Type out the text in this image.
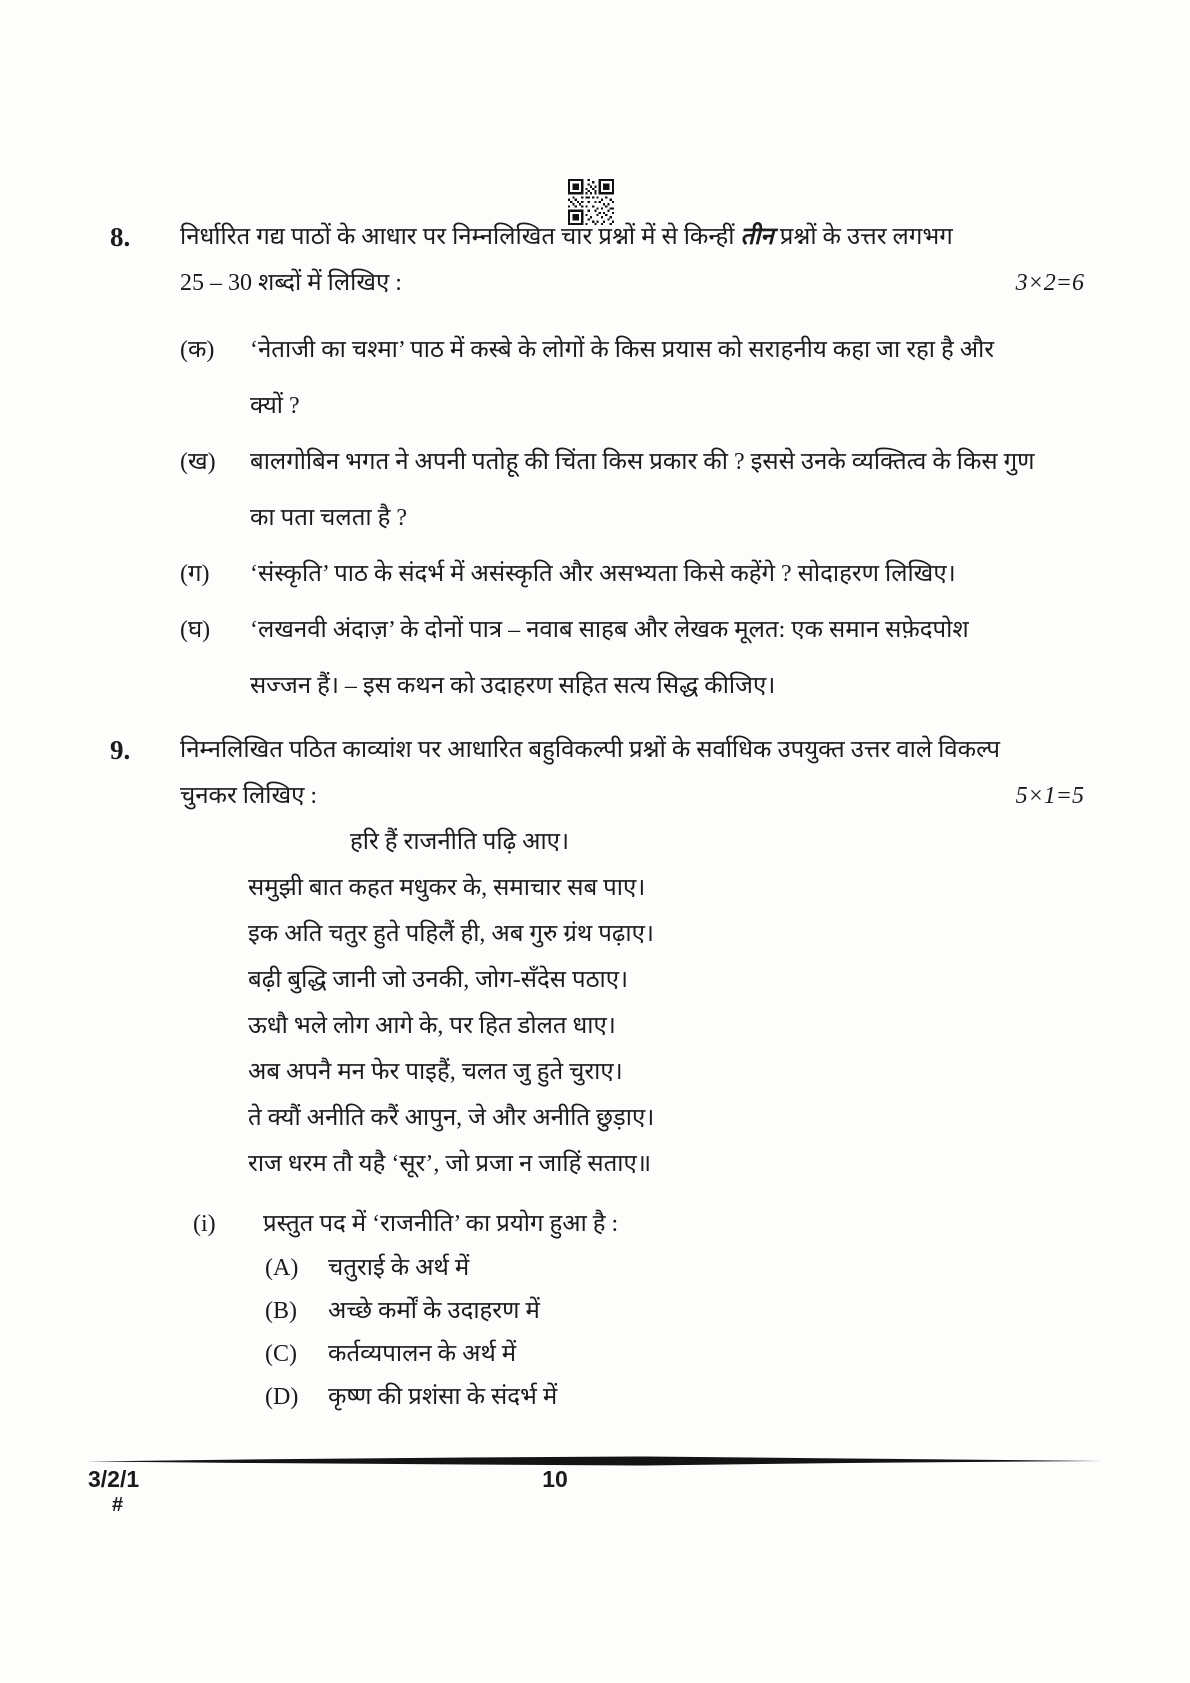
8.	निर्धारित गद्य पाठों के आधार पर निम्नलिखित चार प्रश्नों में से किन्हीं तीन प्रश्नों के उत्तर लगभग
25 – 30 शब्दों में लिखिए :	3×2=6
(क)	‘नेताजी का चश्मा’ पाठ में कस्बे के लोगों के किस प्रयास को सराहनीय कहा जा रहा है और
क्यों ?
(ख)	बालगोबिन भगत ने अपनी पतोहू की चिंता किस प्रकार की ? इससे उनके व्यक्तित्व के किस गुण
का पता चलता है ?
(ग)	‘संस्कृति’ पाठ के संदर्भ में असंस्कृति और असभ्यता किसे कहेंगे ? सोदाहरण लिखिए।
(घ)	‘लखनवी अंदाज़’ के दोनों पात्र – नवाब साहब और लेखक मूलत: एक समान सफ़ेदपोश
सज्जन हैं। – इस कथन को उदाहरण सहित सत्य सिद्ध कीजिए।
9.	निम्नलिखित पठित काव्यांश पर आधारित बहुविकल्पी प्रश्नों के सर्वाधिक उपयुक्त उत्तर वाले विकल्प
चुनकर लिखिए :	5×1=5
हरि हैं राजनीति पढ़ि आए।
समुझी बात कहत मधुकर के, समाचार सब पाए।
इक अति चतुर हुते पहिलैं ही, अब गुरु ग्रंथ पढ़ाए।
बढ़ी बुद्धि जानी जो उनकी, जोग-सँदेस पठाए।
ऊधौ भले लोग आगे के, पर हित डोलत धाए।
अब अपनै मन फेर पाइहैं, चलत जु हुते चुराए।
ते क्यौं अनीति करैं आपुन, जे और अनीति छुड़ाए।
राज धरम तौ यहै ‘सूर’, जो प्रजा न जाहिं सताए॥
(i)	प्रस्तुत पद में ‘राजनीति’ का प्रयोग हुआ है :
(A)	चतुराई के अर्थ में
(B)	अच्छे कर्मों के उदाहरण में
(C)	कर्तव्यपालन के अर्थ में
(D)	कृष्ण की प्रशंसा के संदर्भ में
3/2/1
#
10
